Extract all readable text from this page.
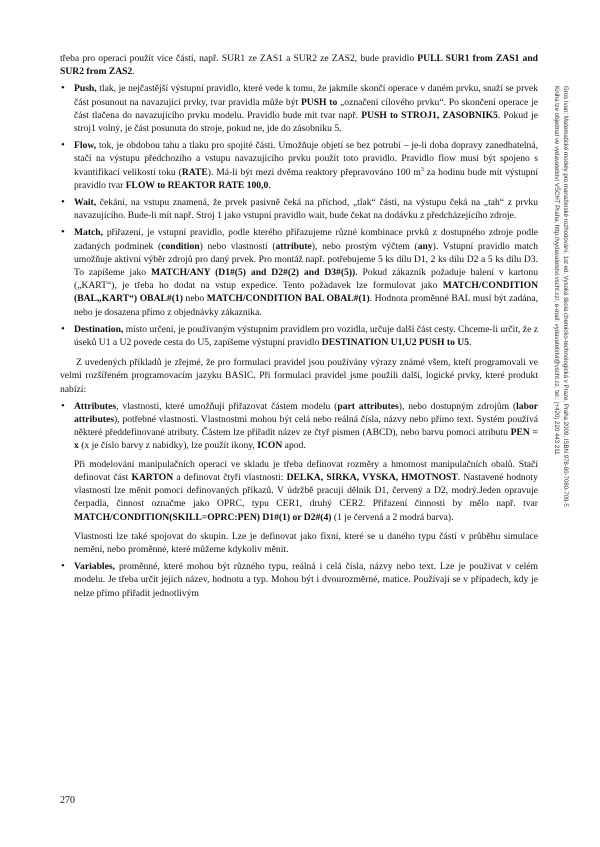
třeba pro operaci použít více částí, např. SUR1 ze ZAS1 a SUR2 ze ZAS2, bude pravidlo PULL SUR1 from ZAS1 and SUR2 from ZAS2.

• Push, tlak, je nejčastější výstupní pravidlo, které vede k tomu, že jakmile skončí operace v daném prvku, snaží se prvek část posunout na navazující prvky, tvar pravidla může být PUSH to „označení cílového prvku“. Po skončení operace je část tlačena do navazujícího prvku modelu. Pravidlo bude mít tvar např. PUSH to STROJ1, ZASOBNIK5. Pokud je stroj1 volný, je část posunuta do stroje, pokud ne, jde do zásobníku 5.

• Flow, tok, je obdobou tahu a tlaku pro spojité části. Umožňuje objetí se bez potrubí – je-li doba dopravy zanedbatelná, stačí na výstupu předchozího a vstupu navazujícího prvku použít toto pravidlo. Pravidlo flow musí být spojeno s kvantifikací velikosti toku (RATE). Má-li být mezi dvěma reaktory přepravováno 100 $m^3$ za hodinu bude mít výstupní pravidlo tvar FLOW to REAKTOR RATE 100,0.

• Wait, čekání, na vstupu znamená, že prvek pasivně čeká na příchod, „tlak“ části, na výstupu čeká na „tah“ z prvku navazujícího. Bude-li mít např. Stroj 1 jako vstupní pravidlo wait, bude čekat na dodávku z předcházejícího zdroje.

• Match, přiřazení, je vstupní pravidlo, podle kterého přiřazujeme různé kombinace prvků z dostupného zdroje podle zadaných podmínek (condition) nebo vlastností (attribute), nebo prostým výčtem (any). Vstupní pravidlo match umožňuje aktivní výběr zdrojů pro daný prvek. Pro montáž např. potřebujeme 5 ks dílu D1, 2 ks dílu D2 a 5 ks dílu D3. To zapíšeme jako MATCH/ANY (D1#(5) and D2#(2) and D3#(5)). Pokud zákazník požaduje balení v kartonu („KART“), je třeba ho dodat na vstup expedice. Tento požadavek lze formulovat jako MATCH/CONDITION (BAL„KART“) OBAL#(1) nebo MATCH/CONDITION BAL OBAL#(1). Hodnota proměnné BAL musí být zadána, nebo je dosazena přímo z objednávky zákazníka.

• Destination, místo určení, je používaným výstupním pravidlem pro vozidla, určuje další část cesty. Chceme-li určit, že z úseků U1 a U2 povede cesta do U5, zapíšeme výstupní pravidlo DESTINATION U1,U2 PUSH to U5.

Z uvedených příkladů je zřejmé, že pro formulaci pravidel jsou používány výrazy známé všem, kteří programovali ve velmi rozšířeném programovacím jazyku BASIC. Při formulaci pravidel jsme použili další, logické prvky, které produkt nabízí:

• Attributes, vlastnosti, které umožňují přiřazovat částem modelu (part attributes), nebo dostupným zdrojům (labor attributes), potřebné vlastnosti. Vlastnostmi mohou být celá nebo reálná čísla, názvy nebo přímo text. Systém používá některé předdefinované atributy. Částem lze přiřadit název ze čtyř písmen (ABCD), nebo barvu pomocí atributu PEN = x (x je číslo barvy z nabídky), lze použít ikony, ICON apod.

Při modelování manipulačních operací ve skladu je třeba definovat rozměry a hmotnost manipulačních obalů. Stačí definovat část KARTON a definovat čtyři vlastnosti: DELKA, SIRKA, VYSKA, HMOTNOST. Nastavené hodnoty vlastností lze měnit pomocí definovaných příkazů. V údržbě pracují dělník D1, červený a D2, modrý.Jeden opravuje čerpadla, činnost označme jako OPRC, typu CER1, druhý CER2. Přiřazení činnosti by mělo např. tvar MATCH/CONDITION(SKILL=OPRC:PEN) D1#(1) or D2#(4) (1 je červená a 2 modrá barva).

Vlastnosti lze také spojovat do skupin. Lze je definovat jako fixní, které se u daného typu částí v průběhu simulace nemění, nebo proměnné, které můžeme kdykoliv měnit.

• Variables, proměnné, které mohou být různého typu, reálná i celá čísla, názvy nebo text. Lze je používat v celém modelu. Je třeba určit jejich název, hodnotu a typ. Mohou být i dvourozměrné, matice. Používají se v případech, kdy je nelze přímo přiřadit jednotlivým

Gros Ivan: Matematické modely pro manažerské rozhodování, 1st ed. Vysoká škola chemicko-technologická v Praze, Praha 2009, ISBN 978-80-7080-709-5
Kniha lze objednat ve vydavatelství VŠCHT Praha, http://vydavatelstvi.vscht.cz/, e-mail: vydavatelstvi@vscht.cz, tel.: (+420) 220 443 211
270
